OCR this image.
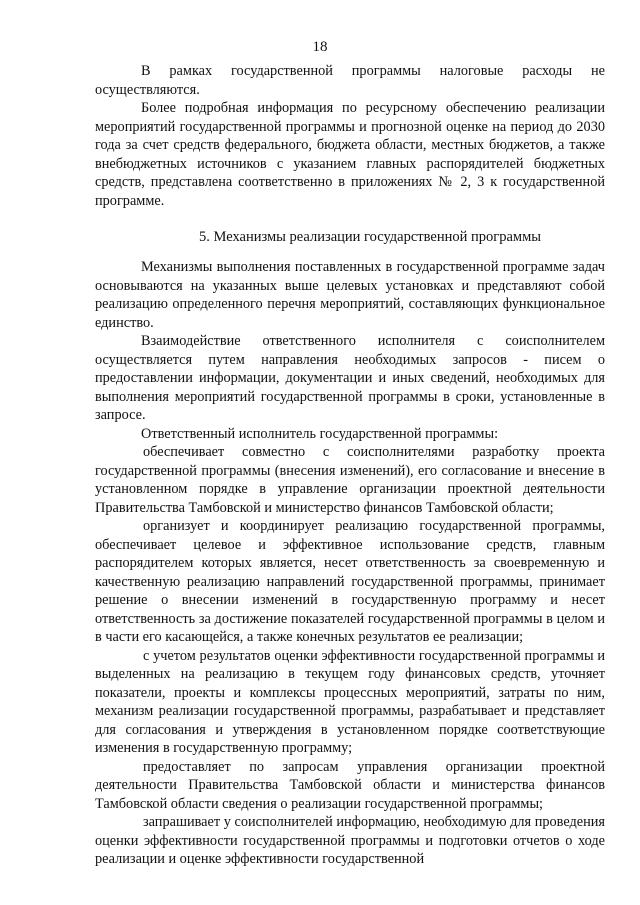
18

В рамках государственной программы налоговые расходы не осуществляются.

Более подробная информация по ресурсному обеспечению реализации мероприятий государственной программы и прогнозной оценке на период до 2030 года за счет средств федерального, бюджета области, местных бюджетов, а также внебюджетных источников с указанием главных распорядителей бюджетных средств, представлена соответственно в приложениях № 2, 3 к государственной программе.

5. Механизмы реализации государственной программы

Механизмы выполнения поставленных в государственной программе задач основываются на указанных выше целевых установках и представляют собой реализацию определенного перечня мероприятий, составляющих функциональное единство.

Взаимодействие ответственного исполнителя с соисполнителем осуществляется путем направления необходимых запросов - писем о предоставлении информации, документации и иных сведений, необходимых для выполнения мероприятий государственной программы в сроки, установленные в запросе.

Ответственный исполнитель государственной программы:

обеспечивает совместно с соисполнителями разработку проекта государственной программы (внесения изменений), его согласование и внесение в установленном порядке в управление организации проектной деятельности Правительства Тамбовской и министерство финансов Тамбовской области;

организует и координирует реализацию государственной программы, обеспечивает целевое и эффективное использование средств, главным распорядителем которых является, несет ответственность за своевременную и качественную реализацию направлений государственной программы, принимает решение о внесении изменений в государственную программу и несет ответственность за достижение показателей государственной программы в целом и в части его касающейся, а также конечных результатов ее реализации;

с учетом результатов оценки эффективности государственной программы и выделенных на реализацию в текущем году финансовых средств, уточняет показатели, проекты и комплексы процессных мероприятий, затраты по ним, механизм реализации государственной программы, разрабатывает и представляет для согласования и утверждения в установленном порядке соответствующие изменения в государственную программу;

предоставляет по запросам управления организации проектной деятельности Правительства Тамбовской области и министерства финансов Тамбовской области сведения о реализации государственной программы;

запрашивает у соисполнителей информацию, необходимую для проведения оценки эффективности государственной программы и подготовки отчетов о ходе реализации и оценке эффективности государственной
